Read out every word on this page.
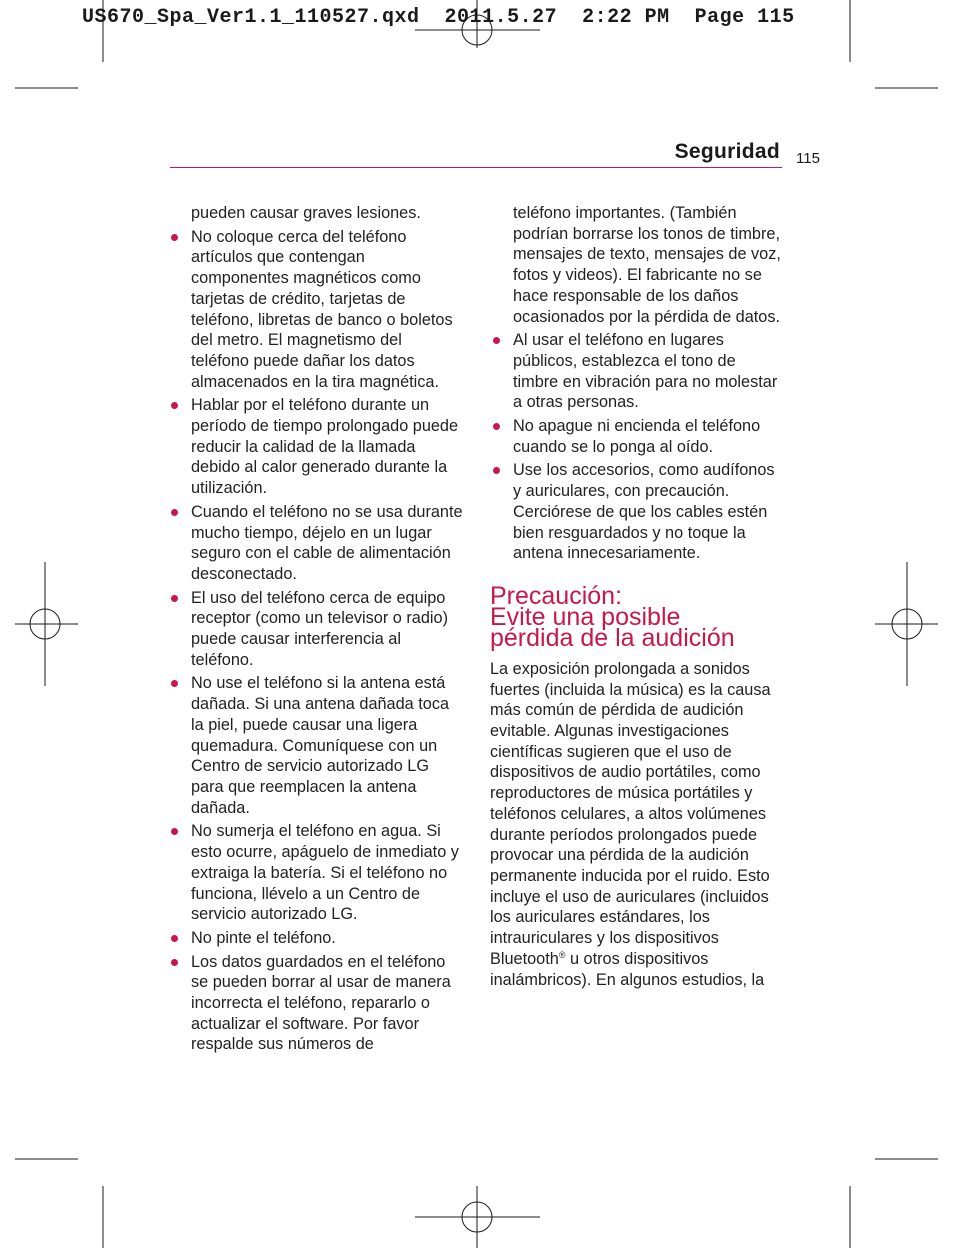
US670_Spa_Ver1.1_110527.qxd  2011.5.27  2:22 PM  Page 115
Seguridad 115

pueden causar graves lesiones.

No coloque cerca del teléfono artículos que contengan componentes magnéticos como tarjetas de crédito, tarjetas de teléfono, libretas de banco o boletos del metro. El magnetismo del teléfono puede dañar los datos almacenados en la tira magnética.
Hablar por el teléfono durante un período de tiempo prolongado puede reducir la calidad de la llamada debido al calor generado durante la utilización.
Cuando el teléfono no se usa durante mucho tiempo, déjelo en un lugar seguro con el cable de alimentación desconectado.
El uso del teléfono cerca de equipo receptor (como un televisor o radio) puede causar interferencia al teléfono.
No use el teléfono si la antena está dañada. Si una antena dañada toca la piel, puede causar una ligera quemadura. Comuníquese con un Centro de servicio autorizado LG para que reemplacen la antena dañada.
No sumerja el teléfono en agua. Si esto ocurre, apáguelo de inmediato y extraiga la batería. Si el teléfono no funciona, llévelo a un Centro de servicio autorizado LG.
No pinte el teléfono.
Los datos guardados en el teléfono se pueden borrar al usar de manera incorrecta el teléfono, repararlo o actualizar el software. Por favor respalde sus números de

teléfono importantes. (También podrían borrarse los tonos de timbre, mensajes de texto, mensajes de voz, fotos y videos). El fabricante no se hace responsable de los daños ocasionados por la pérdida de datos.

Al usar el teléfono en lugares públicos, establezca el tono de timbre en vibración para no molestar a otras personas.
No apague ni encienda el teléfono cuando se lo ponga al oído.
Use los accesorios, como audífonos y auriculares, con precaución. Cerciórese de que los cables estén bien resguardados y no toque la antena innecesariamente.
Precaución:
Evite una posible
pérdida de la audición

La exposición prolongada a sonidos fuertes (incluida la música) es la causa más común de pérdida de audición evitable. Algunas investigaciones científicas sugieren que el uso de dispositivos de audio portátiles, como reproductores de música portátiles y teléfonos celulares, a altos volúmenes durante períodos prolongados puede provocar una pérdida de la audición permanente inducida por el ruido. Esto incluye el uso de auriculares (incluidos los auriculares estándares, los intrauriculares y los dispositivos Bluetooth® u otros dispositivos inalámbricos). En algunos estudios, la
